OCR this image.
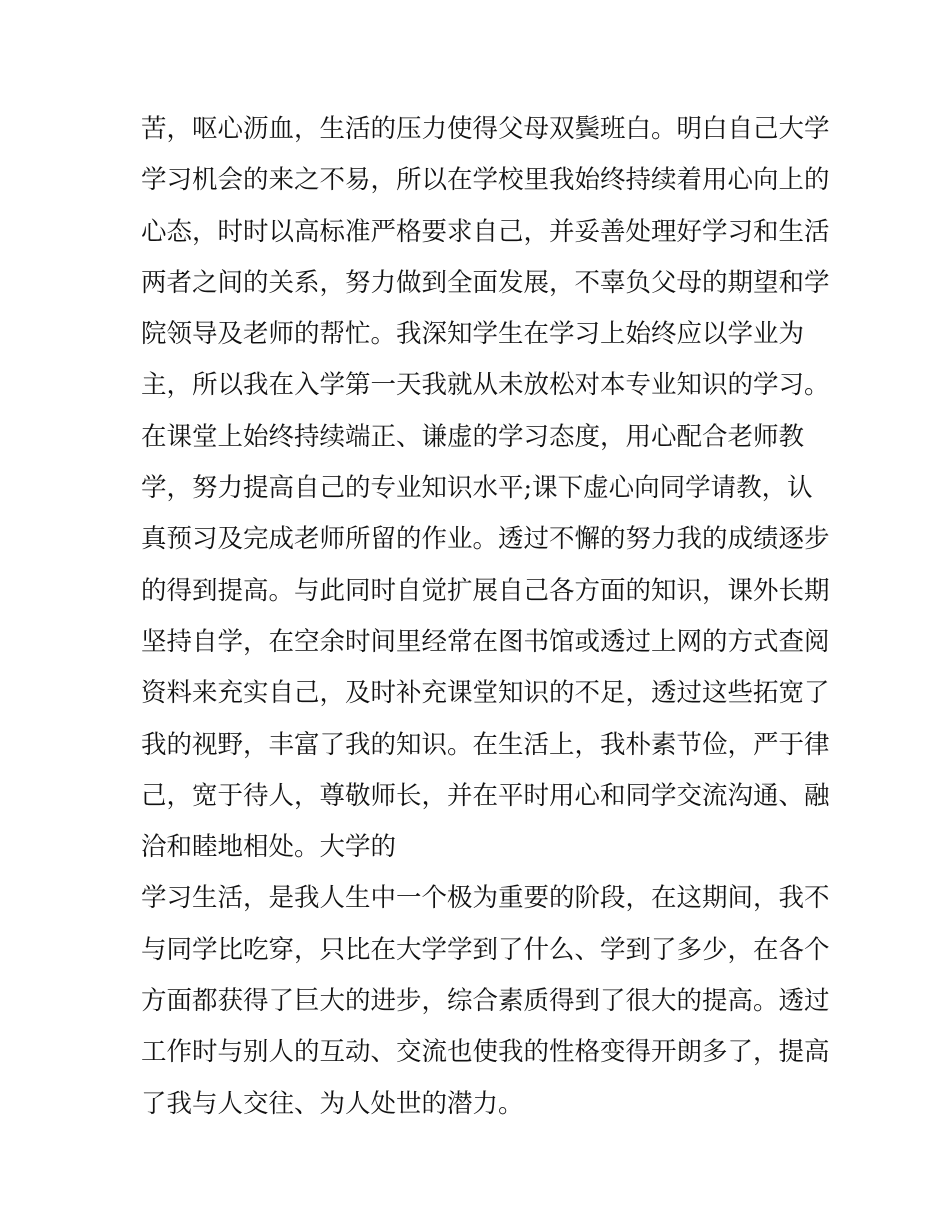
苦，呕心沥血，生活的压力使得父母双鬓班白。明白自己大学
学习机会的来之不易，所以在学校里我始终持续着用心向上的
心态，时时以高标准严格要求自己，并妥善处理好学习和生活
两者之间的关系，努力做到全面发展，不辜负父母的期望和学
院领导及老师的帮忙。我深知学生在学习上始终应以学业为
主，所以我在入学第一天我就从未放松对本专业知识的学习。
在课堂上始终持续端正、谦虚的学习态度，用心配合老师教
学，努力提高自己的专业知识水平;课下虚心向同学请教，认
真预习及完成老师所留的作业。透过不懈的努力我的成绩逐步
的得到提高。与此同时自觉扩展自己各方面的知识，课外长期
坚持自学，在空余时间里经常在图书馆或透过上网的方式查阅
资料来充实自己，及时补充课堂知识的不足，透过这些拓宽了
我的视野，丰富了我的知识。在生活上，我朴素节俭，严于律
己，宽于待人，尊敬师长，并在平时用心和同学交流沟通、融
洽和睦地相处。大学的
学习生活，是我人生中一个极为重要的阶段，在这期间，我不
与同学比吃穿，只比在大学学到了什么、学到了多少，在各个
方面都获得了巨大的进步，综合素质得到了很大的提高。透过
工作时与别人的互动、交流也使我的性格变得开朗多了，提高
了我与人交往、为人处世的潜力。
